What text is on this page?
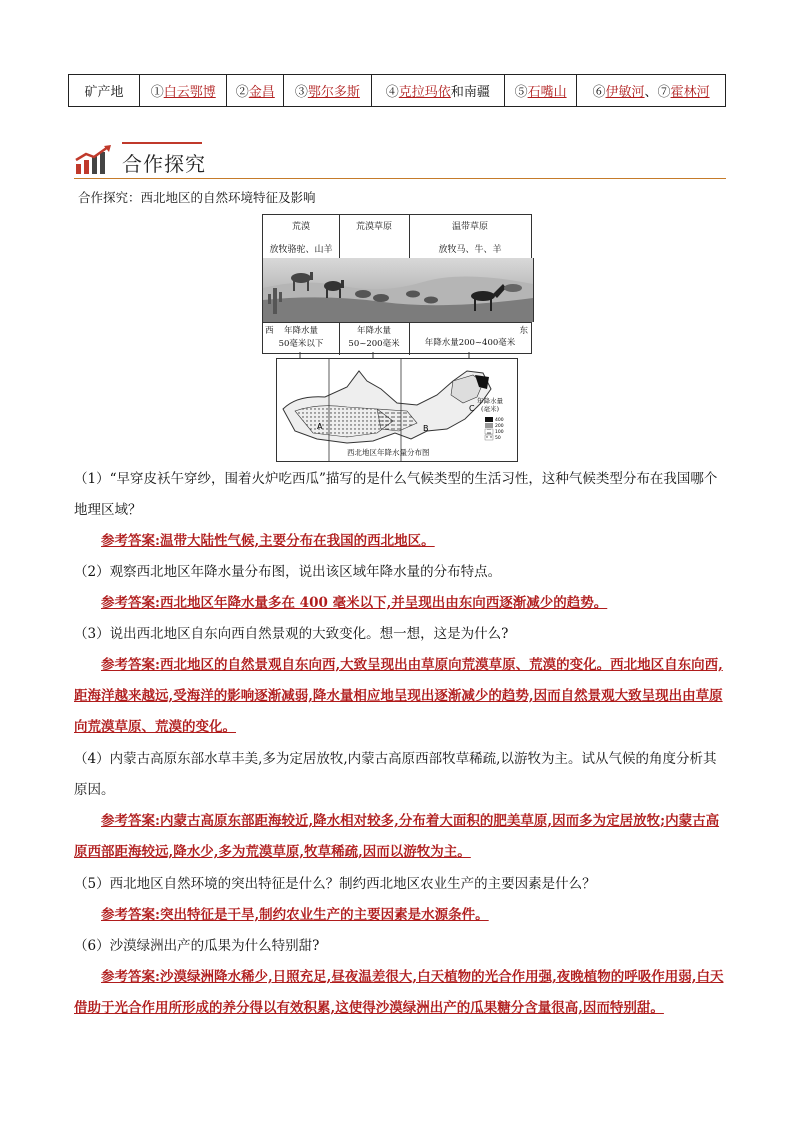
矿产地	①白云鄂博	②金昌	③鄂尔多斯	④克拉玛依和南疆	⑤石嘴山	⑥伊敏河、⑦霍林河
合作探究
合作探究：西北地区的自然环境特征及影响
荒漠
放牧骆驼、山羊
荒漠草原	温带草原
放牧马、牛、羊
西	年降水量
50毫米以下
年降水量
50~200毫米
东
年降水量200~400毫米
A	B
C
400
200
100
50
年降水量
(毫米)
西北地区年降水量分布图

（1）“早穿皮袄午穿纱，围着火炉吃西瓜”描写的是什么气候类型的生活习性，这种气候类型分布在我国哪个地理区域？

参考答案:温带大陆性气候,主要分布在我国的西北地区。

（2）观察西北地区年降水量分布图，说出该区域年降水量的分布特点。

参考答案:西北地区年降水量多在 400 毫米以下,并呈现出由东向西逐渐减少的趋势。

（3）说出西北地区自东向西自然景观的大致变化。想一想，这是为什么?

参考答案:西北地区的自然景观自东向西,大致呈现出由草原向荒漠草原、荒漠的变化。西北地区自东向西,距海洋越来越远,受海洋的影响逐渐减弱,降水量相应地呈现出逐渐减少的趋势,因而自然景观大致呈现出由草原向荒漠草原、荒漠的变化。

（4）内蒙古高原东部水草丰美,多为定居放牧,内蒙古高原西部牧草稀疏,以游牧为主。试从气候的角度分析其原因。

参考答案:内蒙古高原东部距海较近,降水相对较多,分布着大面积的肥美草原,因而多为定居放牧;内蒙古高原西部距海较远,降水少,多为荒漠草原,牧草稀疏,因而以游牧为主。

（5）西北地区自然环境的突出特征是什么？制约西北地区农业生产的主要因素是什么？

参考答案:突出特征是干旱,制约农业生产的主要因素是水源条件。

（6）沙漠绿洲出产的瓜果为什么特别甜?

参考答案:沙漠绿洲降水稀少,日照充足,昼夜温差很大,白天植物的光合作用强,夜晚植物的呼吸作用弱,白天借助于光合作用所形成的养分得以有效积累,这使得沙漠绿洲出产的瓜果糖分含量很高,因而特别甜。
